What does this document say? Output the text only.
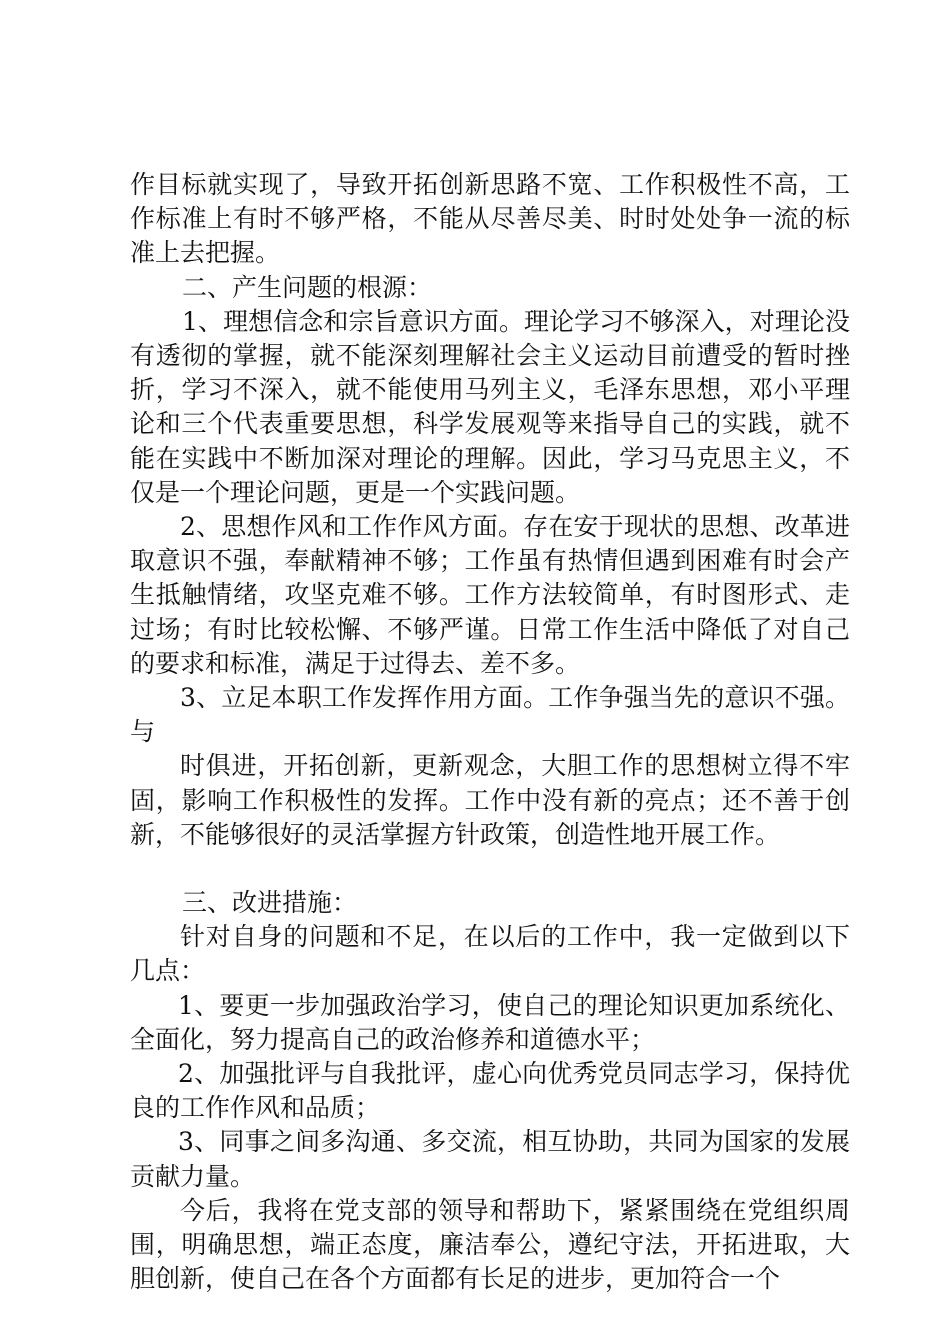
作目标就实现了，导致开拓创新思路不宽、工作积极性不高，工作标准上有时不够严格，不能从尽善尽美、时时处处争一流的标准上去把握。

二、产生问题的根源：

1、理想信念和宗旨意识方面。理论学习不够深入，对理论没有透彻的掌握，就不能深刻理解社会主义运动目前遭受的暂时挫折，学习不深入，就不能使用马列主义，毛泽东思想，邓小平理论和三个代表重要思想，科学发展观等来指导自己的实践，就不能在实践中不断加深对理论的理解。因此，学习马克思主义，不仅是一个理论问题，更是一个实践问题。

2、思想作风和工作作风方面。存在安于现状的思想、改革进取意识不强，奉献精神不够；工作虽有热情但遇到困难有时会产生抵触情绪，攻坚克难不够。工作方法较简单，有时图形式、走过场；有时比较松懈、不够严谨。日常工作生活中降低了对自己的要求和标准，满足于过得去、差不多。

3、立足本职工作发挥作用方面。工作争强当先的意识不强。与

时俱进，开拓创新，更新观念，大胆工作的思想树立得不牢固，影响工作积极性的发挥。工作中没有新的亮点；还不善于创新，不能够很好的灵活掌握方针政策，创造性地开展工作。

三、改进措施：

针对自身的问题和不足，在以后的工作中，我一定做到以下几点：

1、要更一步加强政治学习，使自己的理论知识更加系统化、全面化，努力提高自己的政治修养和道德水平；

2、加强批评与自我批评，虚心向优秀党员同志学习，保持优良的工作作风和品质；

3、同事之间多沟通、多交流，相互协助，共同为国家的发展贡献力量。

今后，我将在党支部的领导和帮助下，紧紧围绕在党组织周围，明确思想，端正态度，廉洁奉公，遵纪守法，开拓进取，大胆创新，使自己在各个方面都有长足的进步，更加符合一个
